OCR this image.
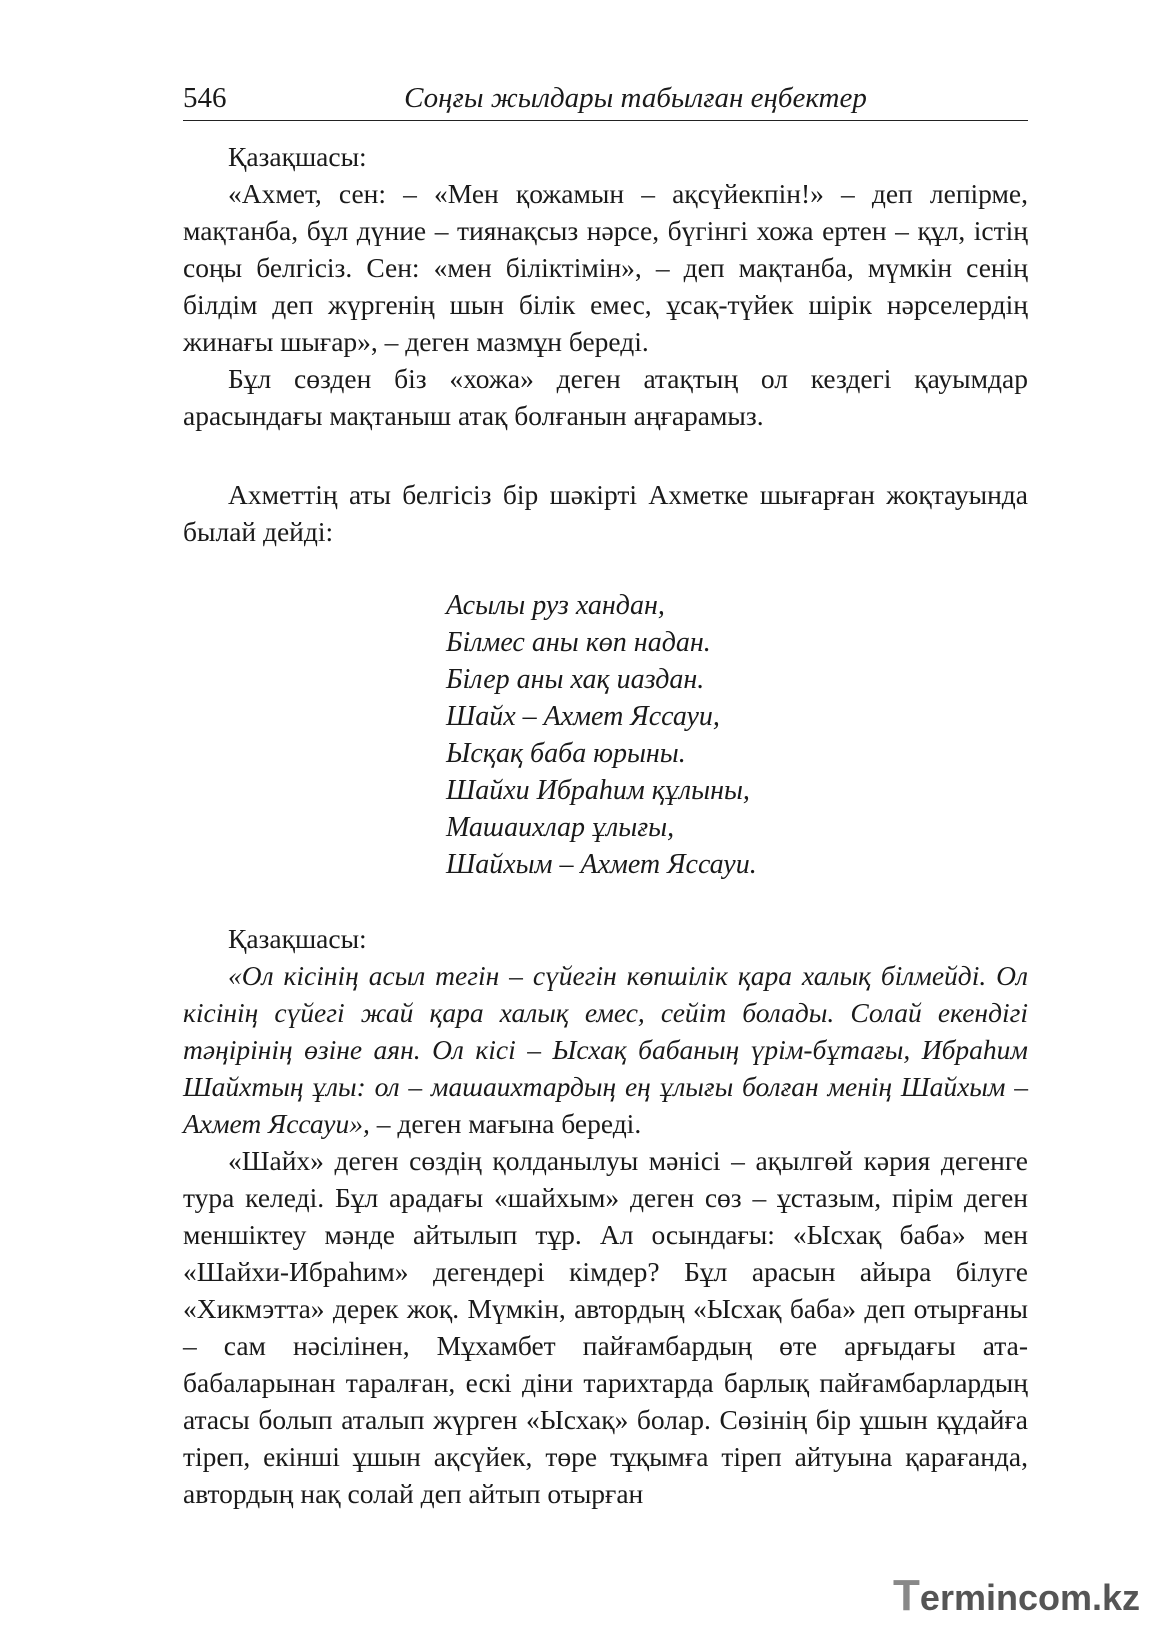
546	Соңғы жылдары табылған еңбектер

Қазақшасы:

«Ахмет, сен: – «Мен қожамын – ақсүйекпін!» – деп лепірме, мақтанба, бұл дүние – тиянақсыз нәрсе, бүгінгі хожа ертен – құл, істің соңы белгісіз. Сен: «мен біліктімін», – деп мақтанба, мүмкін сенің білдім деп жүргенің шын білік емес, ұсақ-түйек шірік нәрселердің жинағы шығар», – деген мазмұн береді.

Бұл сөзден біз «хожа» деген атақтың ол кездегі қауымдар арасындағы мақтаныш атақ болғанын аңғарамыз.

Ахметтің аты белгісіз бір шәкірті Ахметке шығарған жоқтауында былай дейді:

Асылы руз хандан,
Білмес аны көп надан.
Білер аны хақ иаздан.
Шайх – Ахмет Яссауи,
Ысқақ баба юрыны.
Шайхи Ибраһим құлыны,
Машаихлар ұлығы,
Шайхым – Ахмет Яссауи.

Қазақшасы:

«Ол кісінің асыл тегін – сүйегін көпшілік қара халық білмейді. Ол кісінің сүйегі жай қара халық емес, сейіт болады. Солай екендігі тәңірінің өзіне аян. Ол кісі – Ысхақ бабаның үрім-бұтағы, Ибраһим Шайхтың ұлы: ол – машаихтардың ең ұлығы болған менің Шайхым – Ахмет Яссауи», – деген мағына береді.

«Шайх» деген сөздің қолданылуы мәнісі – ақылгөй кәрия дегенге тура келеді. Бұл арадағы «шайхым» деген сөз – ұстазым, пірім деген меншіктеу мәнде айтылып тұр. Ал осындағы: «Ысхақ баба» мен «Шайхи-Ибраһим» дегендері кімдер? Бұл арасын айыра білуге «Хикмэтта» дерек жоқ. Мүмкін, автордың «Ысхақ баба» деп отырғаны – сам нәсілінен, Мұхамбет пайғамбардың өте арғыдағы ата-бабаларынан таралған, ескі діни тарихтарда барлық пайғамбарлардың атасы болып аталып жүрген «Ысхақ» болар. Сөзінің бір ұшын құдайға тіреп, екінші ұшын ақсүйек, төре тұқымға тіреп айтуына қарағанда, автордың нақ солай деп айтып отырған

Termincom.kz
